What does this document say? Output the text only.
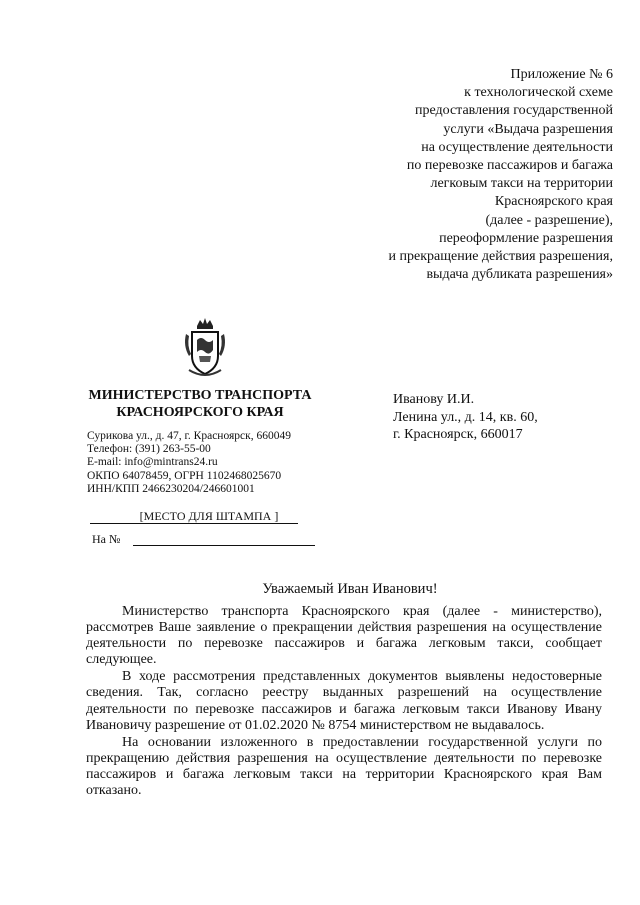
Приложение № 6
к технологической схеме
предоставления государственной
услуги «Выдача разрешения
на осуществление деятельности
по перевозке пассажиров и багажа
легковым такси на территории
Красноярского края
(далее - разрешение),
переоформление разрешения
и прекращение действия разрешения,
выдача дубликата разрешения»
МИНИСТЕРСТВО ТРАНСПОРТА
КРАСНОЯРСКОГО КРАЯ
Сурикова ул., д. 47, г. Красноярск, 660049
Телефон: (391) 263-55-00
E-mail: info@mintrans24.ru
ОКПО 64078459, ОГРН 1102468025670
ИНН/КПП 2466230204/246601001
Иванову И.И.
Ленина ул., д. 14, кв. 60,
г. Красноярск, 660017
[МЕСТО ДЛЯ ШТАМПА ]
На №
Уважаемый Иван Иванович!

Министерство транспорта Красноярского края (далее - министерство), рассмотрев Ваше заявление о прекращении действия разрешения на осуществление деятельности по перевозке пассажиров и багажа легковым такси, сообщает следующее.

В ходе рассмотрения представленных документов выявлены недостоверные сведения. Так, согласно реестру выданных разрешений на осуществление деятельности по перевозке пассажиров и багажа легковым такси Иванову Ивану Ивановичу разрешение от 01.02.2020 № 8754 министерством не выдавалось.

На основании изложенного в предоставлении государственной услуги по прекращению действия разрешения на осуществление деятельности по перевозке пассажиров и багажа легковым такси на территории Красноярского края Вам отказано.
